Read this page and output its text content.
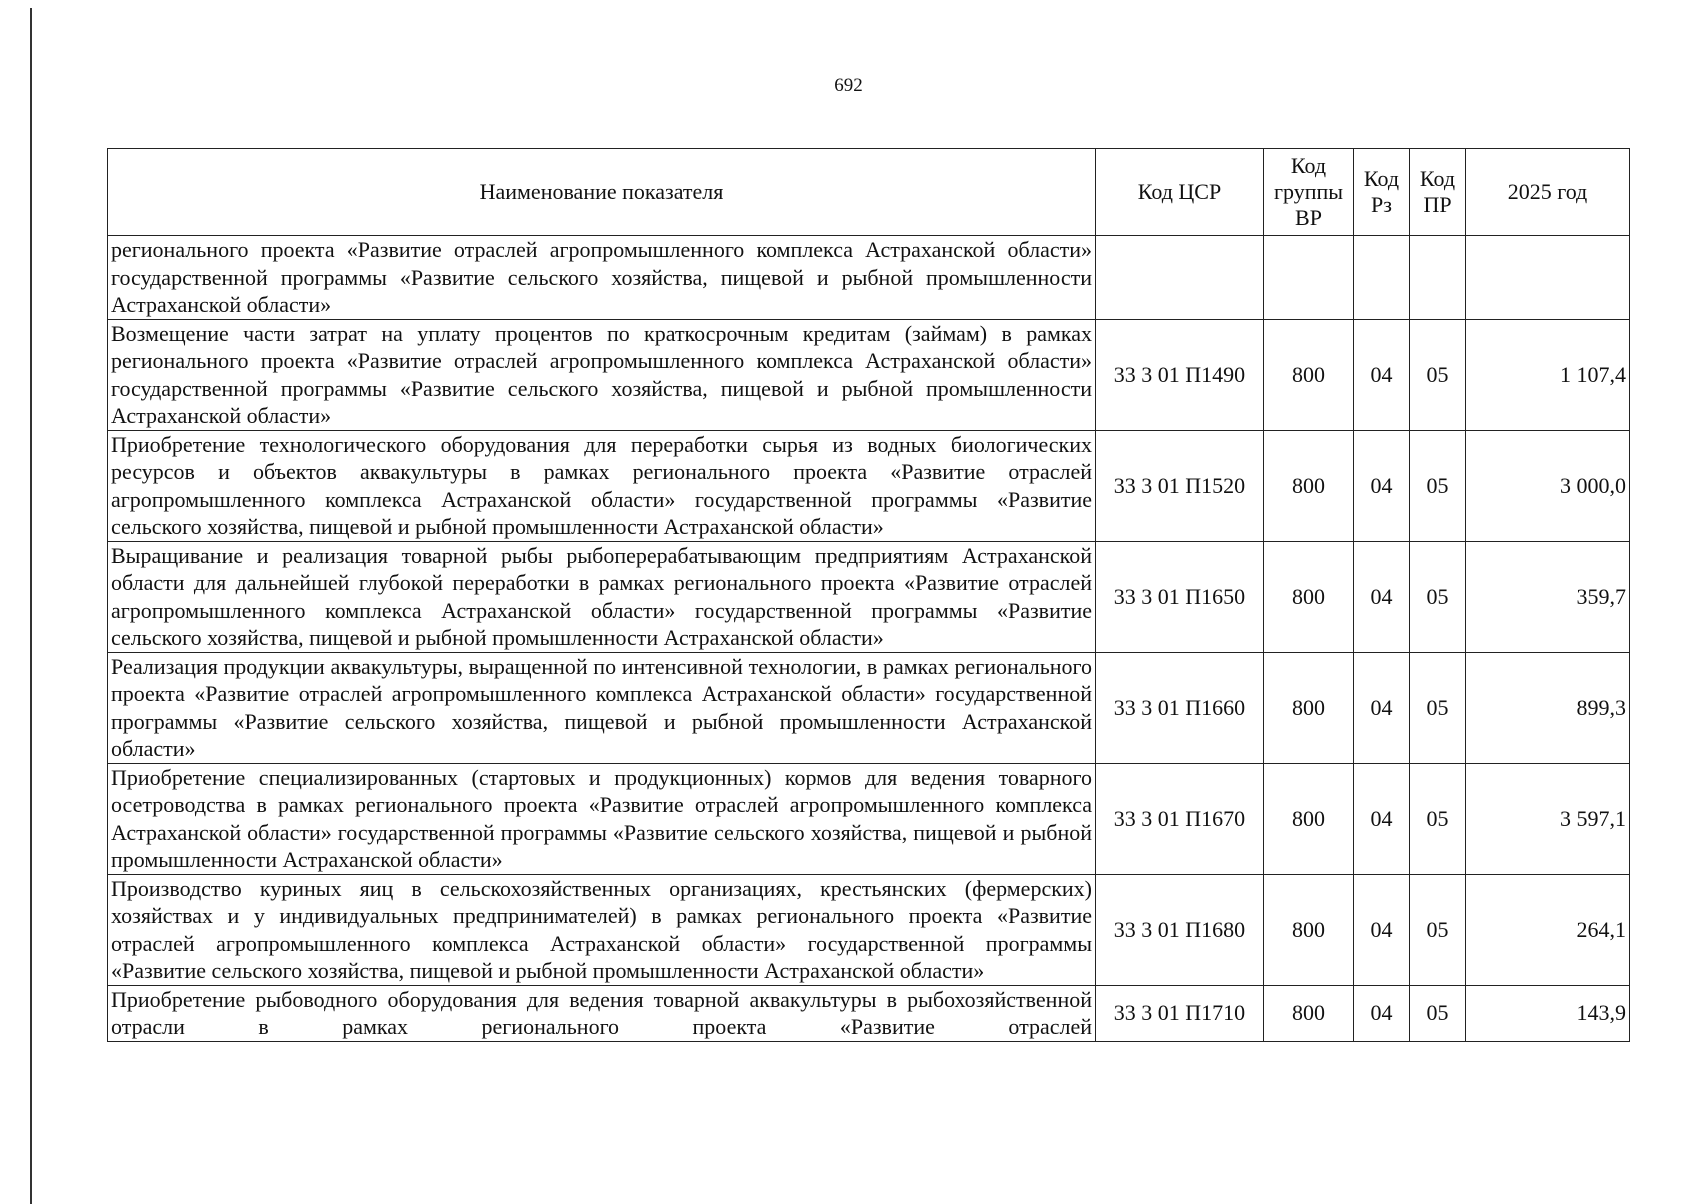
692
Наименование показателя	Код ЦСР	Код группы ВР	Код Рз	Код ПР	2025 год
регионального проекта «Развитие отраслей агропромышленного комплекса Астраханской области» государственной программы «Развитие сельского хозяйства, пищевой и рыбной промышленности Астраханской области»					
Возмещение части затрат на уплату процентов по краткосрочным кредитам (займам) в рамках регионального проекта «Развитие отраслей агропромышленного комплекса Астраханской области» государственной программы «Развитие сельского хозяйства, пищевой и рыбной промышленности Астраханской области»	33 3 01 П1490	800	04	05	1 107,4
Приобретение технологического оборудования для переработки сырья из водных биологических ресурсов и объектов аквакультуры в рамках регионального проекта «Развитие отраслей агропромышленного комплекса Астраханской области» государственной программы «Развитие сельского хозяйства, пищевой и рыбной промышленности Астраханской области»	33 3 01 П1520	800	04	05	3 000,0
Выращивание и реализация товарной рыбы рыбоперерабатывающим предприятиям Астраханской области для дальнейшей глубокой переработки в рамках регионального проекта «Развитие отраслей агропромышленного комплекса Астраханской области» государственной программы «Развитие сельского хозяйства, пищевой и рыбной промышленности Астраханской области»	33 3 01 П1650	800	04	05	359,7
Реализация продукции аквакультуры, выращенной по интенсивной технологии, в рамках регионального проекта «Развитие отраслей агропромышленного комплекса Астраханской области» государственной программы «Развитие сельского хозяйства, пищевой и рыбной промышленности Астраханской области»	33 3 01 П1660	800	04	05	899,3
Приобретение специализированных (стартовых и продукционных) кормов для ведения товарного осетроводства в рамках регионального проекта «Развитие отраслей агропромышленного комплекса Астраханской области» государственной программы «Развитие сельского хозяйства, пищевой и рыбной промышленности Астраханской области»	33 3 01 П1670	800	04	05	3 597,1
Производство куриных яиц в сельскохозяйственных организациях, крестьянских (фермерских) хозяйствах и у индивидуальных предпринимателей) в рамках регионального проекта «Развитие отраслей агропромышленного комплекса Астраханской области» государственной программы «Развитие сельского хозяйства, пищевой и рыбной промышленности Астраханской области»	33 3 01 П1680	800	04	05	264,1
Приобретение рыбоводного оборудования для ведения товарной аквакультуры в рыбохозяйственной отрасли в рамках регионального проекта «Развитие отраслей	33 3 01 П1710	800	04	05	143,9
